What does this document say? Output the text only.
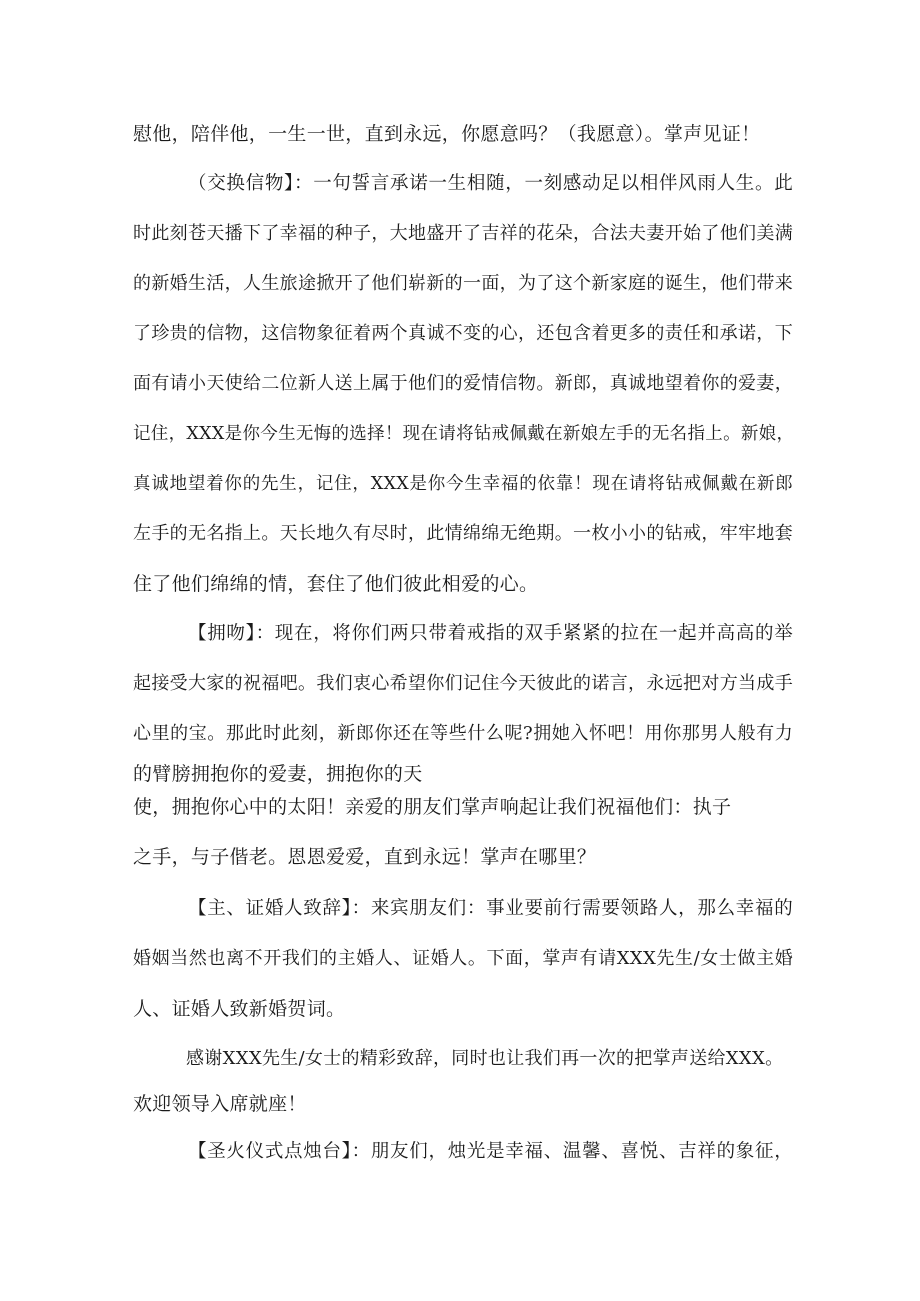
慰他，陪伴他，一生一世，直到永远，你愿意吗？（我愿意）。掌声见证！
（交换信物】：一句誓言承诺一生相随，一刻感动足以相伴风雨人生。此
时此刻苍天播下了幸福的种子，大地盛开了吉祥的花朵，合法夫妻开始了他们美满
的新婚生活，人生旅途掀开了他们崭新的一面，为了这个新家庭的诞生，他们带来
了珍贵的信物，这信物象征着两个真诚不变的心，还包含着更多的责任和承诺，下
面有请小天使给二位新人送上属于他们的爱情信物。新郎，真诚地望着你的爱妻，
记住，XXX是你今生无悔的选择！现在请将钻戒佩戴在新娘左手的无名指上。新娘，
真诚地望着你的先生，记住，XXX是你今生幸福的依靠！现在请将钻戒佩戴在新郎
左手的无名指上。天长地久有尽时，此情绵绵无绝期。一枚小小的钻戒，牢牢地套
住了他们绵绵的情，套住了他们彼此相爱的心。
【拥吻】：现在，将你们两只带着戒指的双手紧紧的拉在一起并高高的举
起接受大家的祝福吧。我们衷心希望你们记住今天彼此的诺言，永远把对方当成手
心里的宝。那此时此刻，新郎你还在等些什么呢?拥她入怀吧！用你那男人般有力
的臂膀拥抱你的爱妻，拥抱你的天
使，拥抱你心中的太阳！亲爱的朋友们掌声响起让我们祝福他们：执子
之手，与子偕老。恩恩爱爱，直到永远！掌声在哪里？
【主、证婚人致辞】：来宾朋友们：事业要前行需要领路人，那么幸福的
婚姻当然也离不开我们的主婚人、证婚人。下面，掌声有请XXX先生/女士做主婚
人、证婚人致新婚贺词。
感谢XXX先生/女士的精彩致辞，同时也让我们再一次的把掌声送给XXX。
欢迎领导入席就座！
【圣火仪式点烛台】：朋友们，烛光是幸福、温馨、喜悦、吉祥的象征，
